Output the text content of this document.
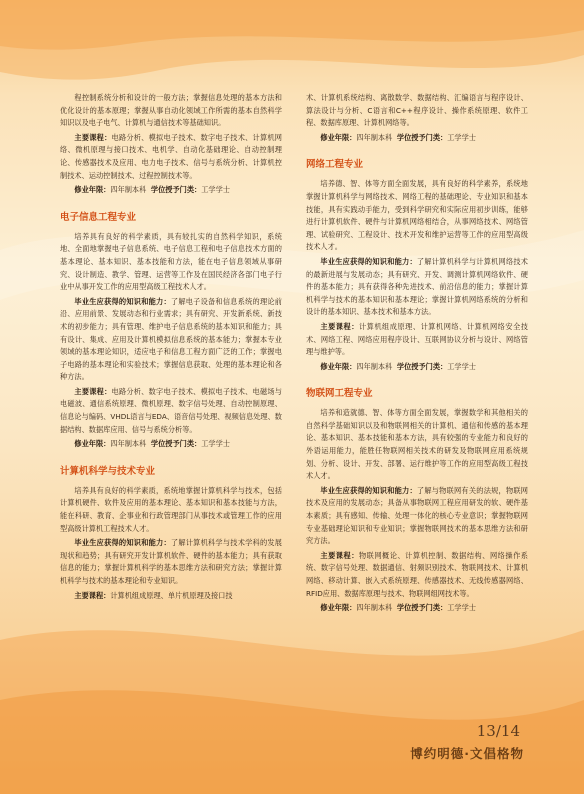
程控制系统分析和设计的一般方法；掌握信息处理的基本方法和优化设计的基本原理；掌握从事自动化领域工作所需的基本自然科学知识以及电子电气、计算机与通信技术等基础知识。

主要课程：电路分析、模拟电子技术、数字电子技术、计算机网络、微机原理与接口技术、电机学、自动化基础理论、自动控制理论、传感器技术及应用、电力电子技术、信号与系统分析、计算机控制技术、运动控制技术、过程控制技术等。

修业年限：四年制本科 学位授予门类：工学学士
电子信息工程专业

培养具有良好的科学素质，具有较扎实的自然科学知识，系统地、全面地掌握电子信息系统、电子信息工程和电子信息技术方面的基本理论、基本知识、基本技能和方法，能在电子信息领域从事研究、设计制造、教学、管理、运营等工作及在国民经济各部门电子行业中从事开发工作的应用型高级工程技术人才。

毕业生应获得的知识和能力：了解电子设备和信息系统的理论前沿、应用前景、发展动态和行业需求；具有研究、开发新系统、新技术的初步能力；具有管理、维护电子信息系统的基本知识和能力；具有设计、集成、应用及计算机模拟信息系统的基本能力；掌握本专业领域的基本理论知识，适应电子和信息工程方面广泛的工作；掌握电子电路的基本理论和实验技术；掌握信息获取、处理的基本理论和各种方法。

主要课程：电路分析、数字电子技术、模拟电子技术、电磁场与电磁波、通信系统原理、微机原理、数字信号处理、自动控制原理、信息论与编码、VHDL语言与EDA、语音信号处理、视频信息处理、数据结构、数据库应用、信号与系统分析等。

修业年限：四年制本科 学位授予门类：工学学士
计算机科学与技术专业

培养具有良好的科学素质，系统地掌握计算机科学与技术，包括计算机硬件、软件及应用的基本理论、基本知识和基本技能与方法，能在科研、教育、企事业和行政管理部门从事技术或管理工作的应用型高级计算机工程技术人才。

毕业生应获得的知识和能力：了解计算机科学与技术学科的发展现状和趋势；具有研究开发计算机软件、硬件的基本能力；具有获取信息的能力；掌握计算机科学的基本思维方法和研究方法；掌握计算机科学与技术的基本理论和专业知识。

主要课程：计算机组成原理、单片机原理及接口技

术、计算机系统结构、离散数学、数据结构、汇编语言与程序设计、算法设计与分析、C语言和C++程序设计、操作系统原理、软件工程、数据库原理、计算机网络等。

修业年限：四年制本科 学位授予门类：工学学士
网络工程专业

培养德、智、体等方面全面发展，具有良好的科学素养，系统地掌握计算机科学与网络技术、网络工程的基础理论、专业知识和基本技能，具有实践动手能力，受到科学研究和实际应用初步训练，能够进行计算机软件、硬件与计算机网络相结合，从事网络技术、网络管理、试验研究、工程设计、技术开发和维护运营等工作的应用型高级技术人才。

毕业生应获得的知识和能力：了解计算机科学与计算机网络技术的最新进展与发展动态；具有研究、开发、调测计算机网络软件、硬件的基本能力；具有获得各种先进技术、前沿信息的能力；掌握计算机科学与技术的基本知识和基本理论；掌握计算机网络系统的分析和设计的基本知识、基本技术和基本方法。

主要课程：计算机组成原理、计算机网络、计算机网络安全技术、网络工程、网络应用程序设计、互联网协议分析与设计、网络管理与维护等。

修业年限：四年制本科 学位授予门类：工学学士
物联网工程专业

培养和造就德、智、体等方面全面发展，掌握数学和其他相关的自然科学基础知识以及和物联网相关的计算机、通信和传感的基本理论、基本知识、基本技能和基本方法，具有较强的专业能力和良好的外语运用能力，能胜任物联网相关技术的研发及物联网应用系统规划、分析、设计、开发、部署、运行维护等工作的应用型高级工程技术人才。

毕业生应获得的知识和能力：了解与物联网有关的法规，物联网技术及应用的发展动态；具备从事物联网工程应用研发的软、硬件基本素质；具有感知、传输、处理一体化的核心专业意识；掌握物联网专业基础理论知识和专业知识；掌握物联网技术的基本思维方法和研究方法。

主要课程：物联网概论、计算机控制、数据结构、网络操作系统、数字信号处理、数据通信、射频识别技术、物联网技术、计算机网络、移动计算、嵌入式系统原理、传感器技术、无线传感器网络、RFID应用、数据库原理与技术、物联网组网技术等。

修业年限：四年制本科 学位授予门类：工学学士
13/14
博约明德·文倡格物
